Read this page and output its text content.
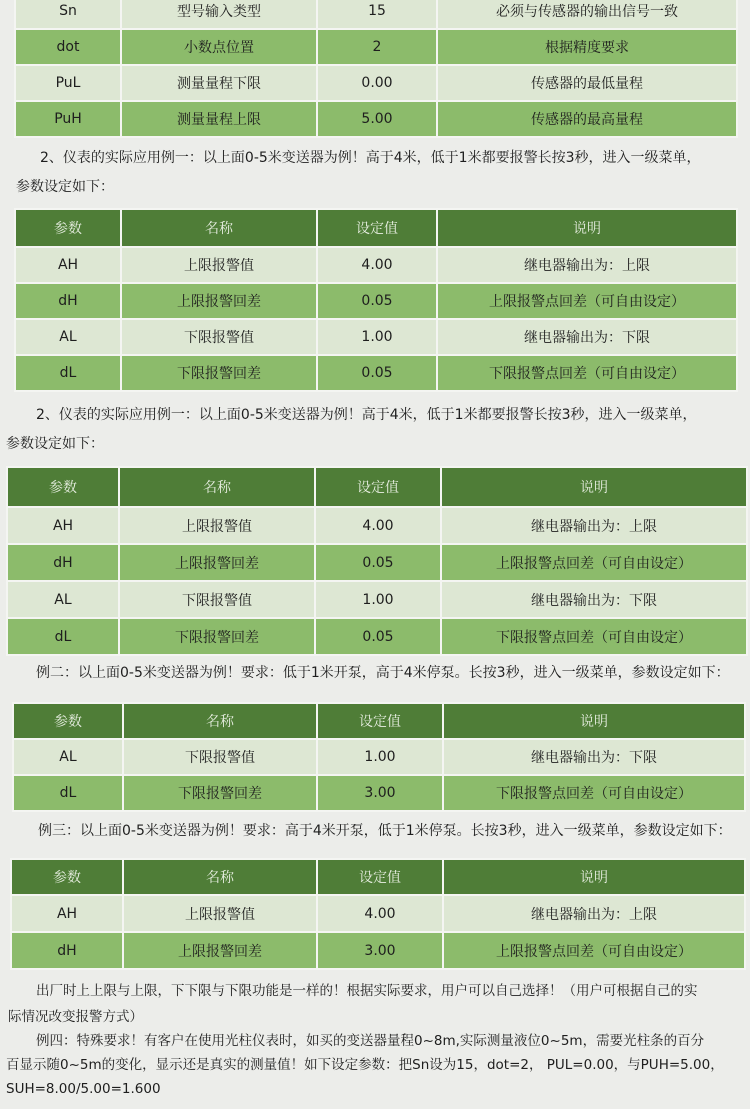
Sn	型号输入类型	15	必须与传感器的输出信号一致
dot	小数点位置	2	根据精度要求
PuL	测量量程下限	0.00	传感器的最低量程
PuH	测量量程上限	5.00	传感器的最高量程

2、仪表的实际应用例一：以上面0-5米变送器为例！高于4米，低于1米都要报警长按3秒，进入一级菜单，

参数设定如下：

参数	名称	设定值	说明
AH	上限报警值	4.00	继电器输出为：上限
dH	上限报警回差	0.05	上限报警点回差（可自由设定）
AL	下限报警值	1.00	继电器输出为：下限
dL	下限报警回差	0.05	下限报警点回差（可自由设定）

2、仪表的实际应用例一：以上面0-5米变送器为例！高于4米，低于1米都要报警长按3秒，进入一级菜单，

参数设定如下：

参数	名称	设定值	说明
AH	上限报警值	4.00	继电器输出为：上限
dH	上限报警回差	0.05	上限报警点回差（可自由设定）
AL	下限报警值	1.00	继电器输出为：下限
dL	下限报警回差	0.05	下限报警点回差（可自由设定）

例二：以上面0-5米变送器为例！要求：低于1米开泵，高于4米停泵。长按3秒，进入一级菜单，参数设定如下：

参数	名称	设定值	说明
AL	下限报警值	1.00	继电器输出为：下限
dL	下限报警回差	3.00	下限报警点回差（可自由设定）

例三：以上面0-5米变送器为例！要求：高于4米开泵，低于1米停泵。长按3秒，进入一级菜单，参数设定如下：

参数	名称	设定值	说明
AH	上限报警值	4.00	继电器输出为：上限
dH	上限报警回差	3.00	上限报警点回差（可自由设定）

出厂时上上限与上限，下下限与下限功能是一样的！根据实际要求，用户可以自己选择！（用户可根据自己的实

际情况改变报警方式）

例四：特殊要求！有客户在使用光柱仪表时，如买的变送器量程0~8m,实际测量液位0~5m，需要光柱条的百分

百显示随0~5m的变化，显示还是真实的测量值！如下设定参数：把Sn设为15，dot=2， PUL=0.00，与PUH=5.00，

SUH=8.00/5.00=1.600
